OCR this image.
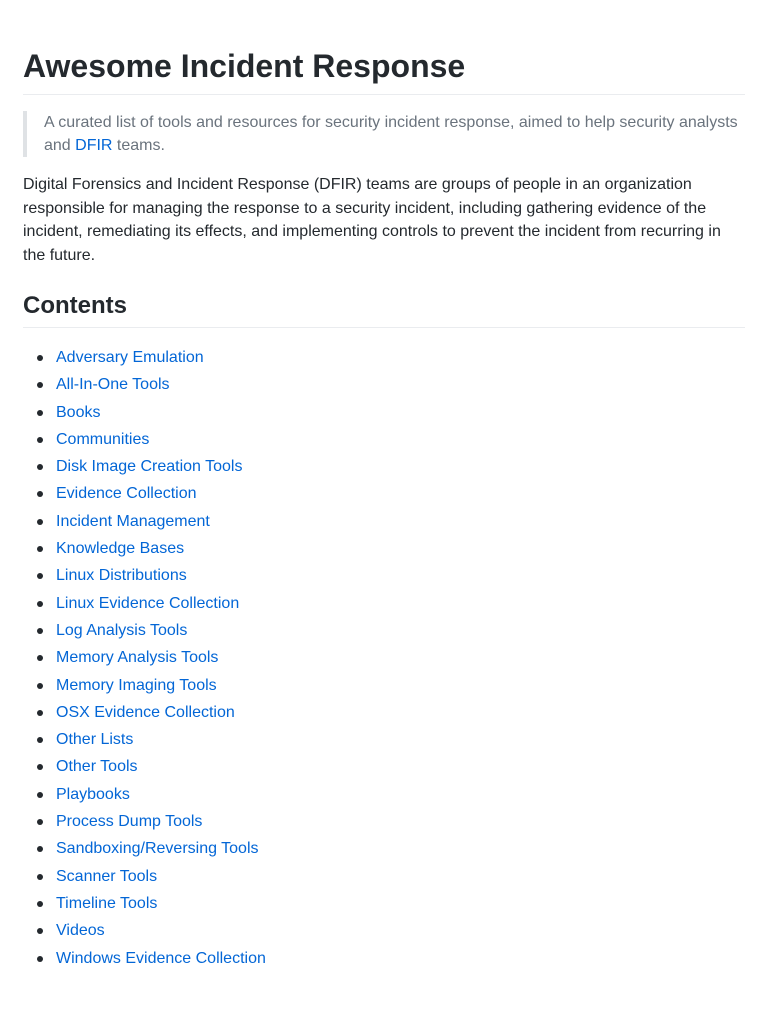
Awesome Incident Response
A curated list of tools and resources for security incident response, aimed to help security analysts and DFIR teams.

Digital Forensics and Incident Response (DFIR) teams are groups of people in an organization responsible for managing the response to a security incident, including gathering evidence of the incident, remediating its effects, and implementing controls to prevent the incident from recurring in the future.

Contents
Adversary Emulation
All-In-One Tools
Books
Communities
Disk Image Creation Tools
Evidence Collection
Incident Management
Knowledge Bases
Linux Distributions
Linux Evidence Collection
Log Analysis Tools
Memory Analysis Tools
Memory Imaging Tools
OSX Evidence Collection
Other Lists
Other Tools
Playbooks
Process Dump Tools
Sandboxing/Reversing Tools
Scanner Tools
Timeline Tools
Videos
Windows Evidence Collection
